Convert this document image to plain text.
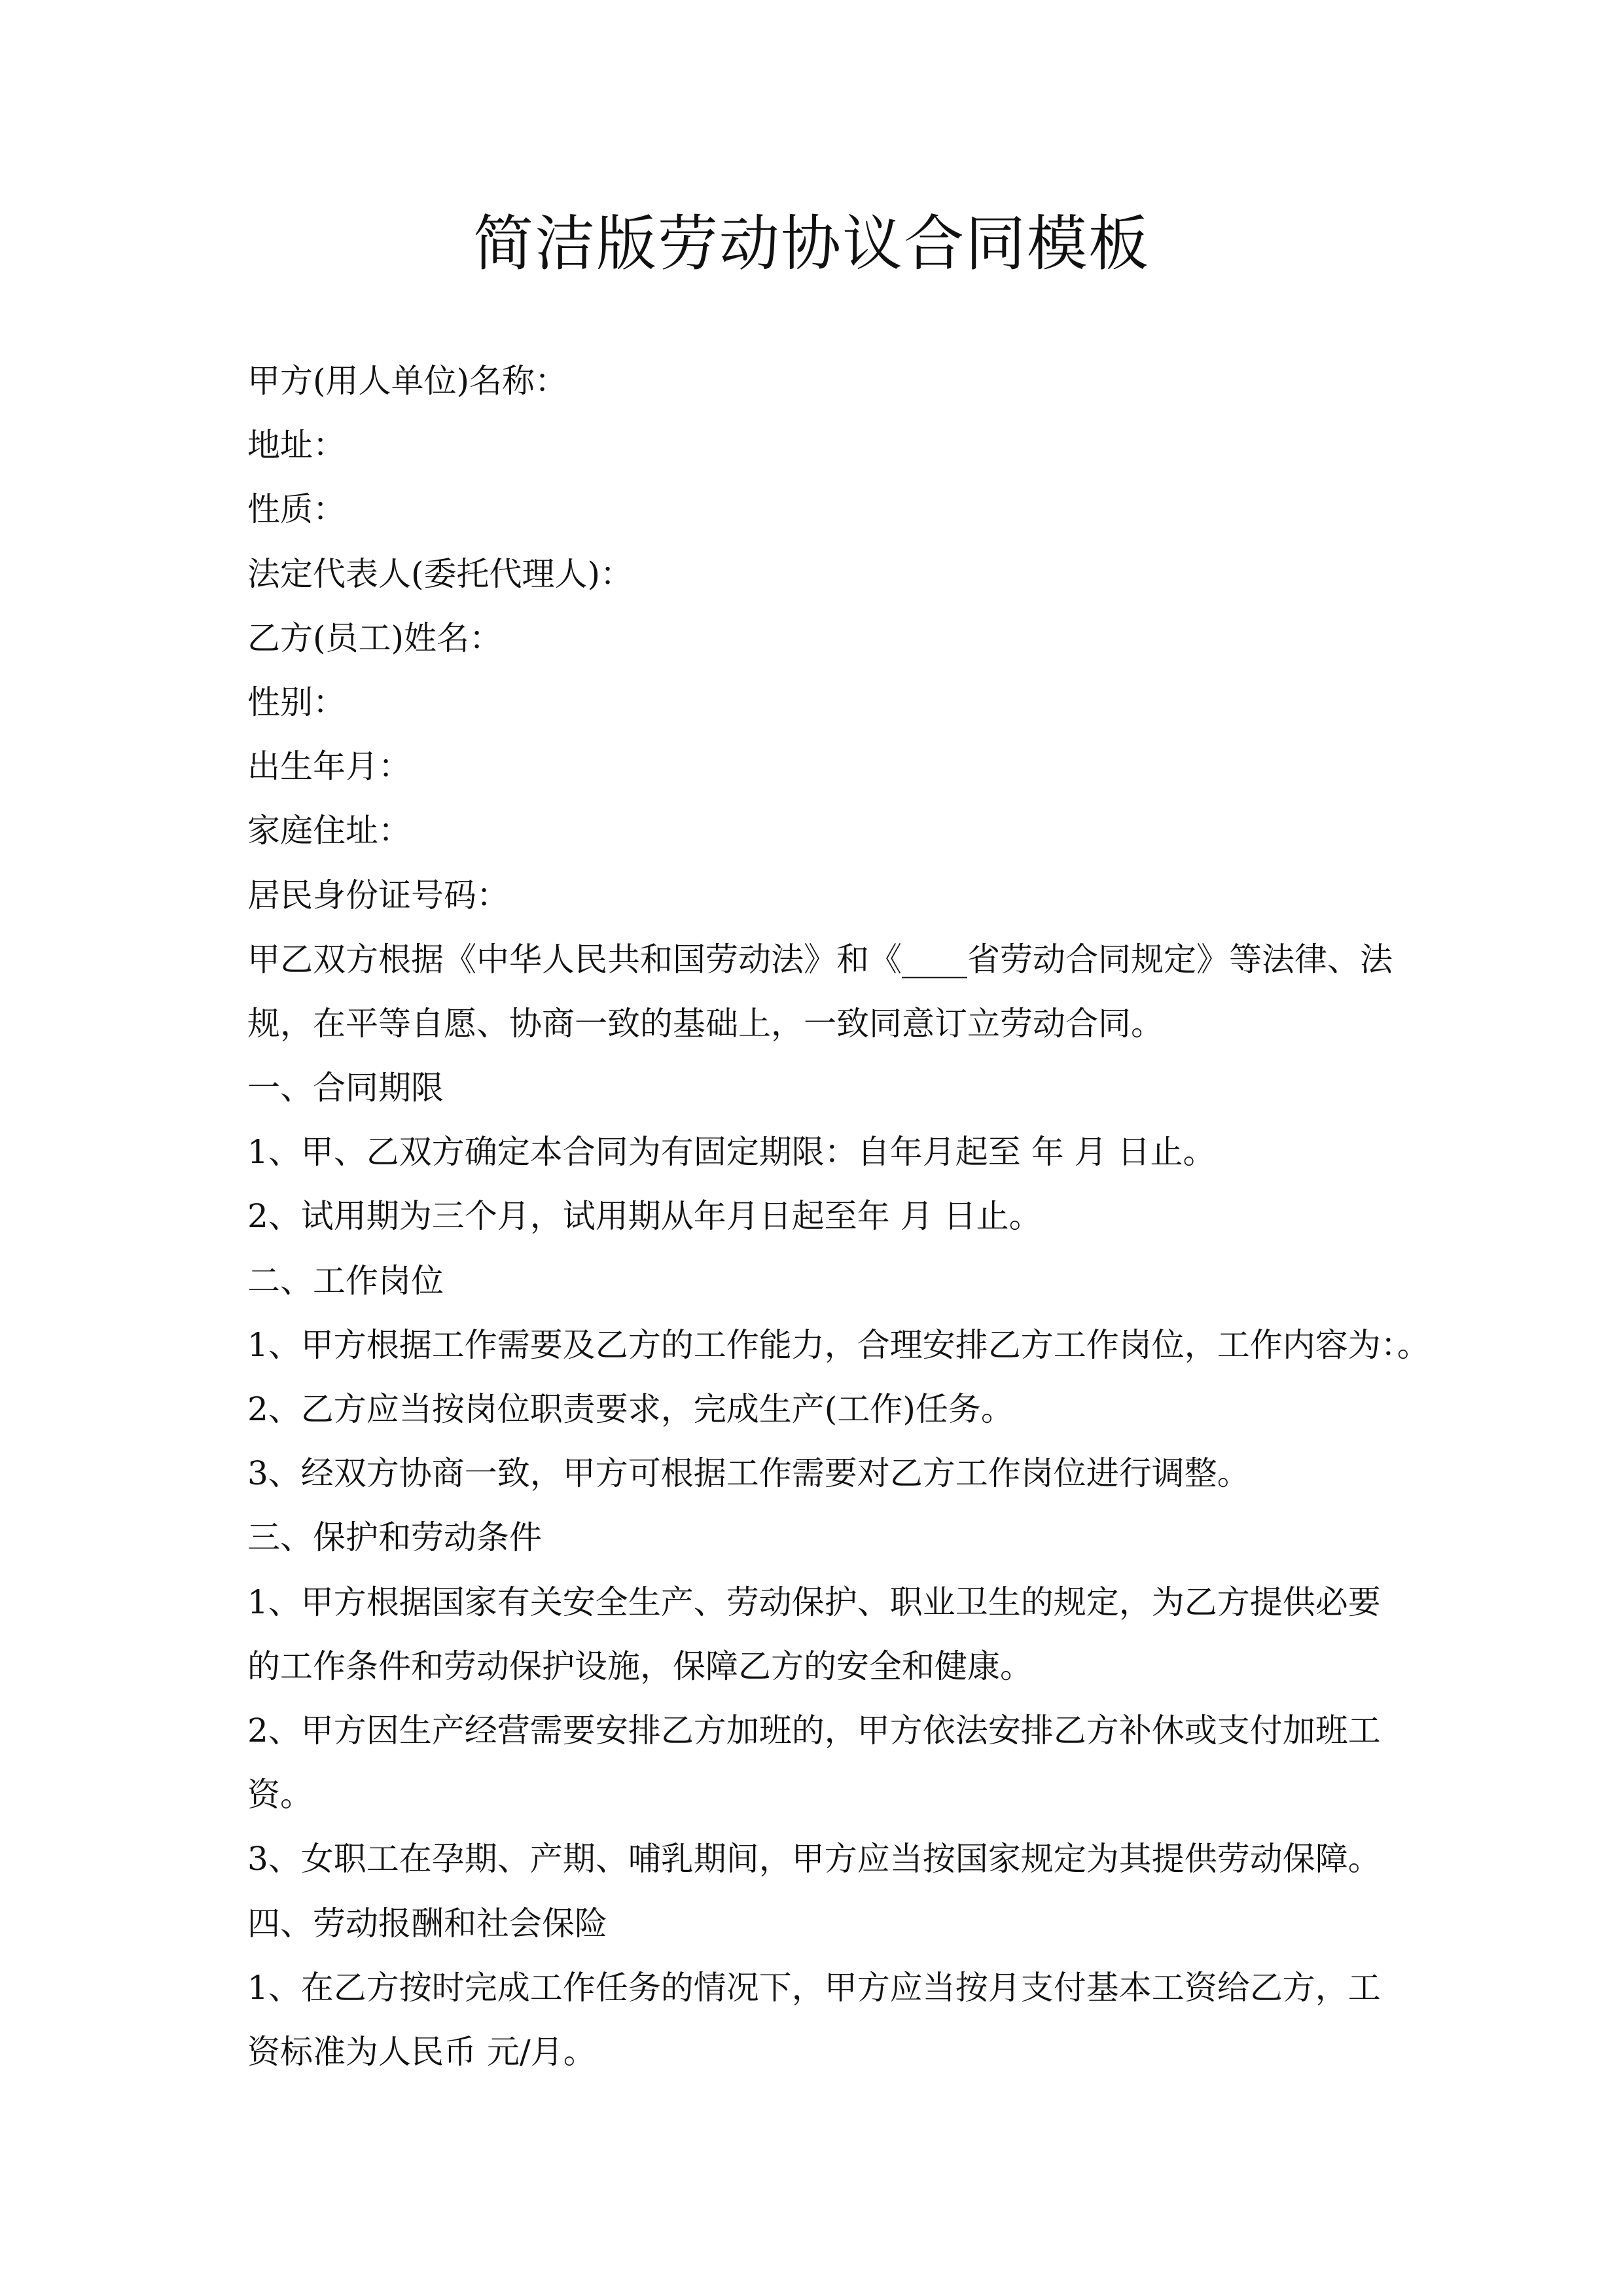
简洁版劳动协议合同模板
甲方(用人单位)名称：
地址：
性质：
法定代表人(委托代理人)：
乙方(员工)姓名：
性别：
出生年月：
家庭住址：
居民身份证号码：
甲乙双方根据《中华人民共和国劳动法》和《____省劳动合同规定》等法律、法
规，在平等自愿、协商一致的基础上，一致同意订立劳动合同。
一、合同期限
1、甲、乙双方确定本合同为有固定期限：自年月起至 年 月 日止。
2、试用期为三个月，试用期从年月日起至年 月 日止。
二、工作岗位
1、甲方根据工作需要及乙方的工作能力，合理安排乙方工作岗位，工作内容为：。
2、乙方应当按岗位职责要求，完成生产(工作)任务。
3、经双方协商一致，甲方可根据工作需要对乙方工作岗位进行调整。
三、保护和劳动条件
1、甲方根据国家有关安全生产、劳动保护、职业卫生的规定，为乙方提供必要
的工作条件和劳动保护设施，保障乙方的安全和健康。
2、甲方因生产经营需要安排乙方加班的，甲方依法安排乙方补休或支付加班工
资。
3、女职工在孕期、产期、哺乳期间，甲方应当按国家规定为其提供劳动保障。
四、劳动报酬和社会保险
1、在乙方按时完成工作任务的情况下，甲方应当按月支付基本工资给乙方，工
资标准为人民币 元/月。
